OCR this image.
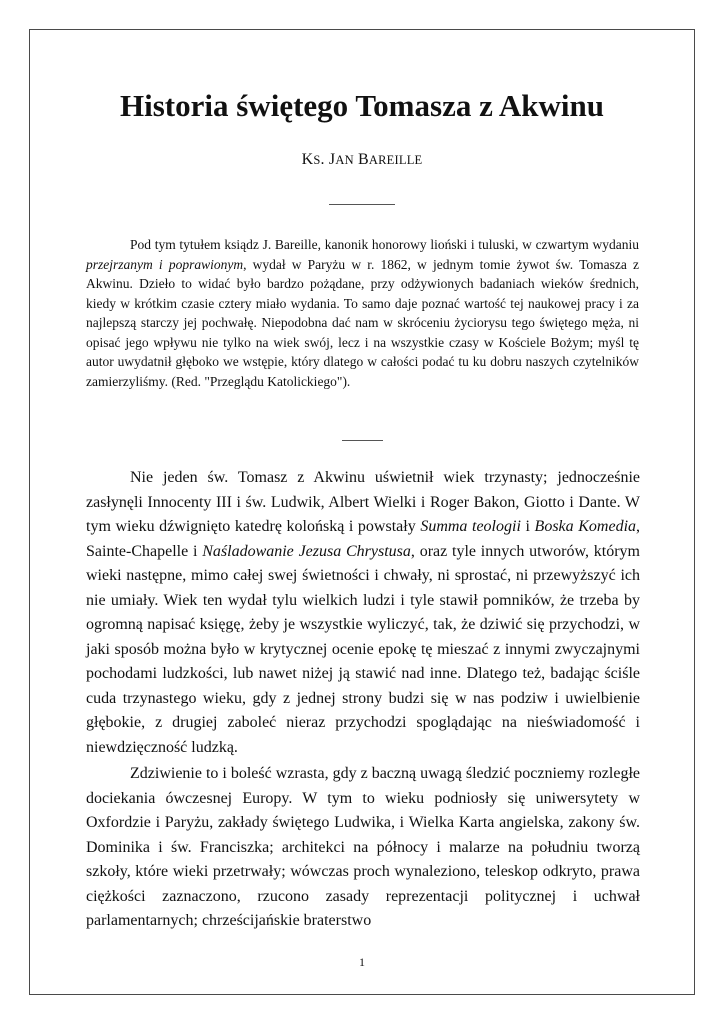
Historia świętego Tomasza z Akwinu
KS. JAN BAREILLE

Pod tym tytułem ksiądz J. Bareille, kanonik honorowy lioński i tuluski, w czwartym wydaniu przejrzanym i poprawionym, wydał w Paryżu w r. 1862, w jednym tomie żywot św. Tomasza z Akwinu. Dzieło to widać było bardzo pożądane, przy odżywionych badaniach wieków średnich, kiedy w krótkim czasie cztery miało wydania. To samo daje poznać wartość tej naukowej pracy i za najlepszą starczy jej pochwałę. Niepodobna dać nam w skróceniu życiorysu tego świętego męża, ni opisać jego wpływu nie tylko na wiek swój, lecz i na wszystkie czasy w Kościele Bożym; myśl tę autor uwydatnił głęboko we wstępie, który dlatego w całości podać tu ku dobru naszych czytelników zamierzyliśmy. (Red. "Przeglądu Katolickiego").

Nie jeden św. Tomasz z Akwinu uświetnił wiek trzynasty; jednocześnie zasłynęli Innocenty III i św. Ludwik, Albert Wielki i Roger Bakon, Giotto i Dante. W tym wieku dźwignięto katedrę kolońską i powstały Summa teologii i Boska Komedia, Sainte-Chapelle i Naśladowanie Jezusa Chrystusa, oraz tyle innych utworów, którym wieki następne, mimo całej swej świetności i chwały, ni sprostać, ni przewyższyć ich nie umiały. Wiek ten wydał tylu wielkich ludzi i tyle stawił pomników, że trzeba by ogromną napisać księgę, żeby je wszystkie wyliczyć, tak, że dziwić się przychodzi, w jaki sposób można było w krytycznej ocenie epokę tę mieszać z innymi zwyczajnymi pochodami ludzkości, lub nawet niżej ją stawić nad inne. Dlatego też, badając ściśle cuda trzynastego wieku, gdy z jednej strony budzi się w nas podziw i uwielbienie głębokie, z drugiej zaboleć nieraz przychodzi spoglądając na nieświadomość i niewdzięczność ludzką.

Zdziwienie to i boleść wzrasta, gdy z baczną uwagą śledzić poczniemy rozległe dociekania ówczesnej Europy. W tym to wieku podniosły się uniwersytety w Oxfordzie i Paryżu, zakłady świętego Ludwika, i Wielka Karta angielska, zakony św. Dominika i św. Franciszka; architekci na północy i malarze na południu tworzą szkoły, które wieki przetrwały; wówczas proch wynaleziono, teleskop odkryto, prawa ciężkości zaznaczono, rzucono zasady reprezentacji politycznej i uchwał parlamentarnych; chrześcijańskie braterstwo

1
